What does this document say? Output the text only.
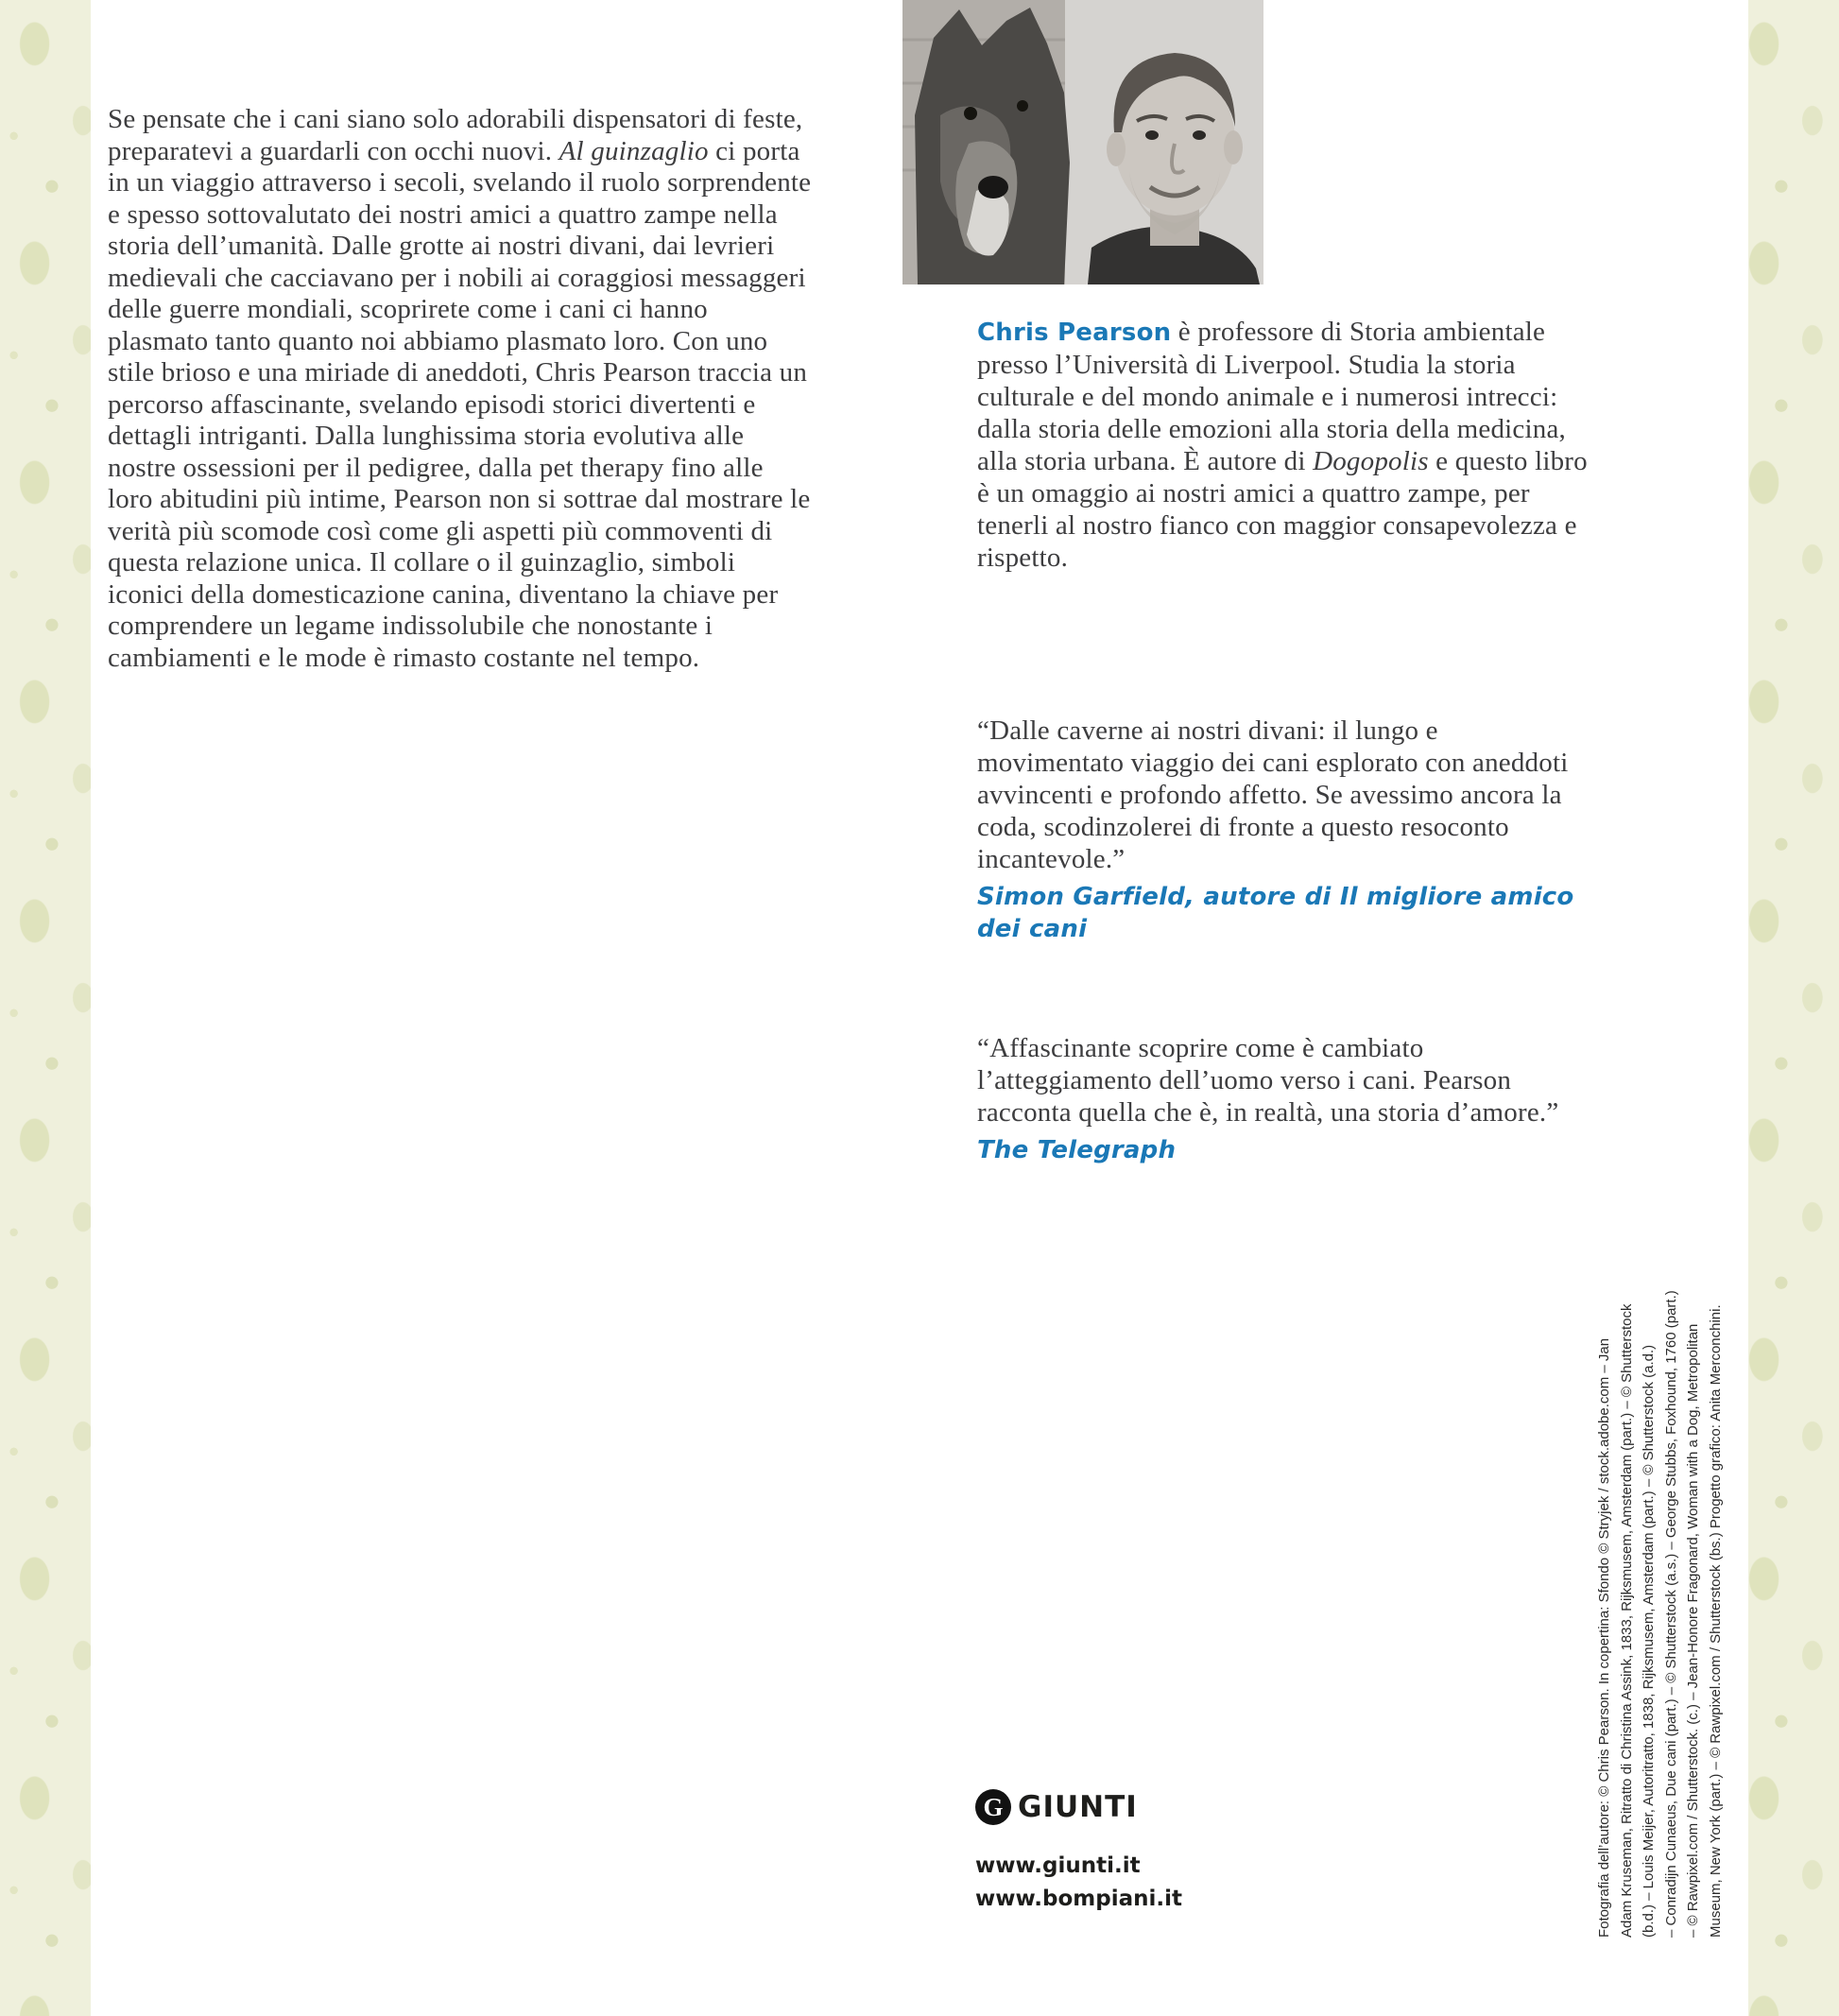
Se pensate che i cani siano solo adorabili dispensatori di feste, preparatevi a guardarli con occhi nuovi. Al guinzaglio ci porta in un viaggio attraverso i secoli, svelando il ruolo sorprendente e spesso sottovalutato dei nostri amici a quattro zampe nella storia dell’umanità. Dalle grotte ai nostri divani, dai levrieri medievali che cacciavano per i nobili ai coraggiosi messaggeri delle guerre mondiali, scoprirete come i cani ci hanno plasmato tanto quanto noi abbiamo plasmato loro. Con uno stile brioso e una miriade di aneddoti, Chris Pearson traccia un percorso affascinante, svelando episodi storici divertenti e dettagli intriganti. Dalla lunghissima storia evolutiva alle nostre ossessioni per il pedigree, dalla pet therapy fino alle loro abitudini più intime, Pearson non si sottrae dal mostrare le verità più scomode così come gli aspetti più commoventi di questa relazione unica. Il collare o il guinzaglio, simboli iconici della domesticazione canina, diventano la chiave per comprendere un legame indissolubile che nonostante i cambiamenti e le mode è rimasto costante nel tempo.

Chris Pearson è professore di Storia ambientale presso l’Università di Liverpool. Studia la storia culturale e del mondo animale e i numerosi intrecci: dalla storia delle emozioni alla storia della medicina, alla storia urbana. È autore di Dogopolis e questo libro è un omaggio ai nostri amici a quattro zampe, per tenerli al nostro fianco con maggior consapevolezza e rispetto.

“Dalle caverne ai nostri divani: il lungo e movimentato viaggio dei cani esplorato con aneddoti avvincenti e profondo affetto. Se avessimo ancora la coda, scodinzolerei di fronte a questo resoconto incantevole.”

Simon Garfield, autore di Il migliore amico dei cani

“Affascinante scoprire come è cambiato l’atteggiamento dell’uomo verso i cani. Pearson racconta quella che è, in realtà, una storia d’amore.”

The Telegraph

Fotografia dell’autore: © Chris Pearson. In copertina: Sfondo © Stryjek / stock.adobe.com – Jan Adam Kruseman, Ritratto di Christina Assink, 1833, Rijksmusem, Amsterdam (part.) – © Shutterstock (b.d.) – Louis Meijer, Autoritratto, 1838, Rijksmusem, Amsterdam (part.) – © Shutterstock (a.d.) – Conradijn Cunaeus, Due cani (part.) – © Shutterstock (a.s.) – George Stubbs, Foxhound, 1760 (part.) – © Rawpixel.com / Shutterstock. (c.) – Jean-Honore Fragonard, Woman with a Dog, Metropolitan Museum, New York (part.) – © Rawpixel.com / Shutterstock (bs.) Progetto grafico: Anita Merconchini.
G GIUNTI
www.giunti.it
www.bompiani.it
